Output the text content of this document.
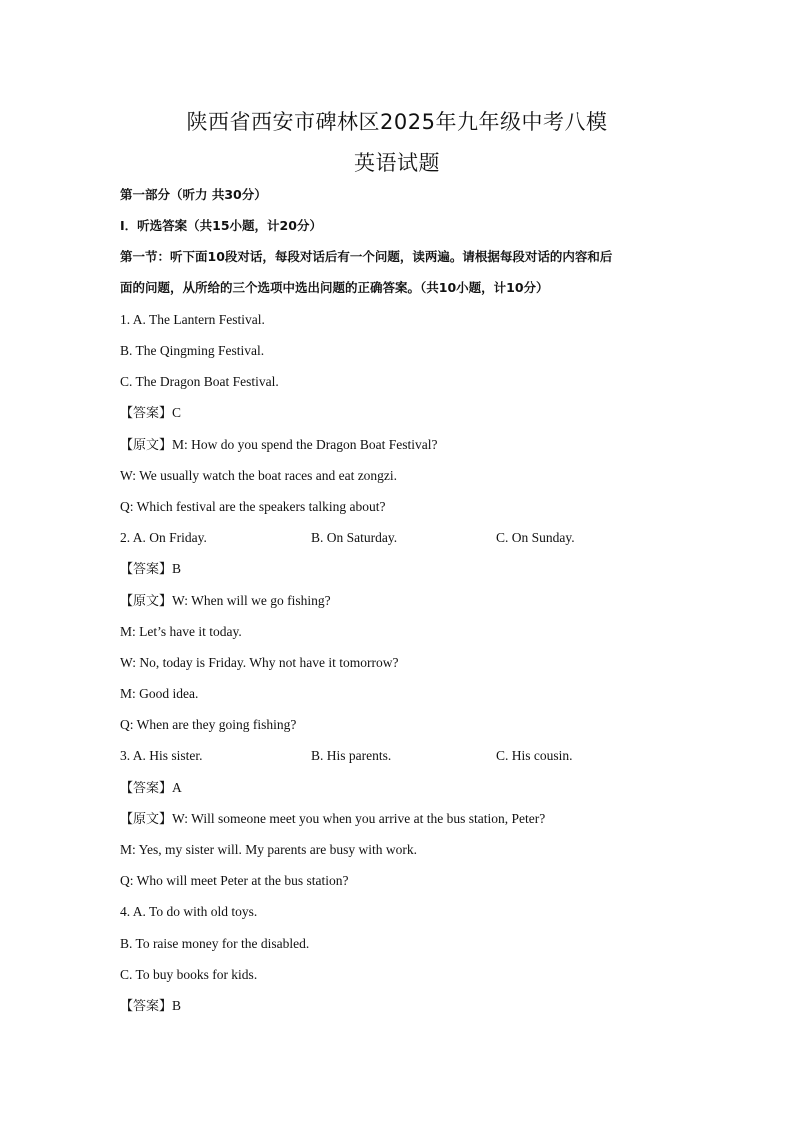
陕西省西安市碑林区2025年九年级中考八模
英语试题
第一部分（听力 共30分）
Ⅰ．听选答案（共15小题，计20分）
第一节：听下面10段对话，每段对话后有一个问题，读两遍。请根据每段对话的内容和后
面的问题，从所给的三个选项中选出问题的正确答案。（共10小题，计10分）
1. A. The Lantern Festival.
B. The Qingming Festival.
C. The Dragon Boat Festival.
【答案】C
【原文】M: How do you spend the Dragon Boat Festival?
W: We usually watch the boat races and eat zongzi.
Q: Which festival are the speakers talking about?
2. A. On Friday.	B. On Saturday.	C. On Sunday.
【答案】B
【原文】W: When will we go fishing?
M: Let’s have it today.
W: No, today is Friday. Why not have it tomorrow?
M: Good idea.
Q: When are they going fishing?
3. A. His sister.	B. His parents.	C. His cousin.
【答案】A
【原文】W: Will someone meet you when you arrive at the bus station, Peter?
M: Yes, my sister will. My parents are busy with work.
Q: Who will meet Peter at the bus station?
4. A. To do with old toys.
B. To raise money for the disabled.
C. To buy books for kids.
【答案】B
